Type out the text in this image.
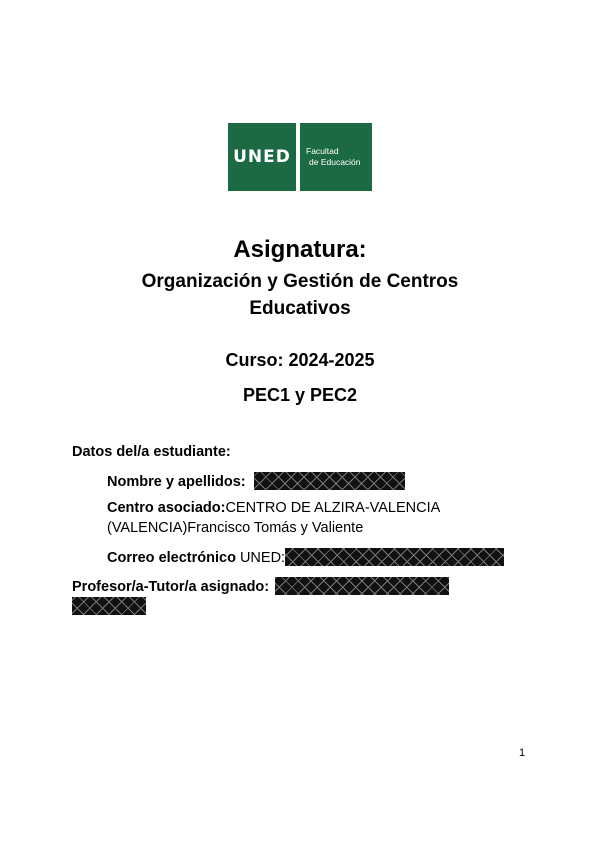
UNED Facultad
de Educación
Asignatura:
Organización y Gestión de Centros
Educativos
Curso: 2024-2025
PEC1 y PEC2
Datos del/a estudiante:
Nombre y apellidos:
Centro asociado:CENTRO DE ALZIRA-VALENCIA
(VALENCIA)Francisco Tomás y Valiente
Correo electrónico UNED:
Profesor/a-Tutor/a asignado:
1
